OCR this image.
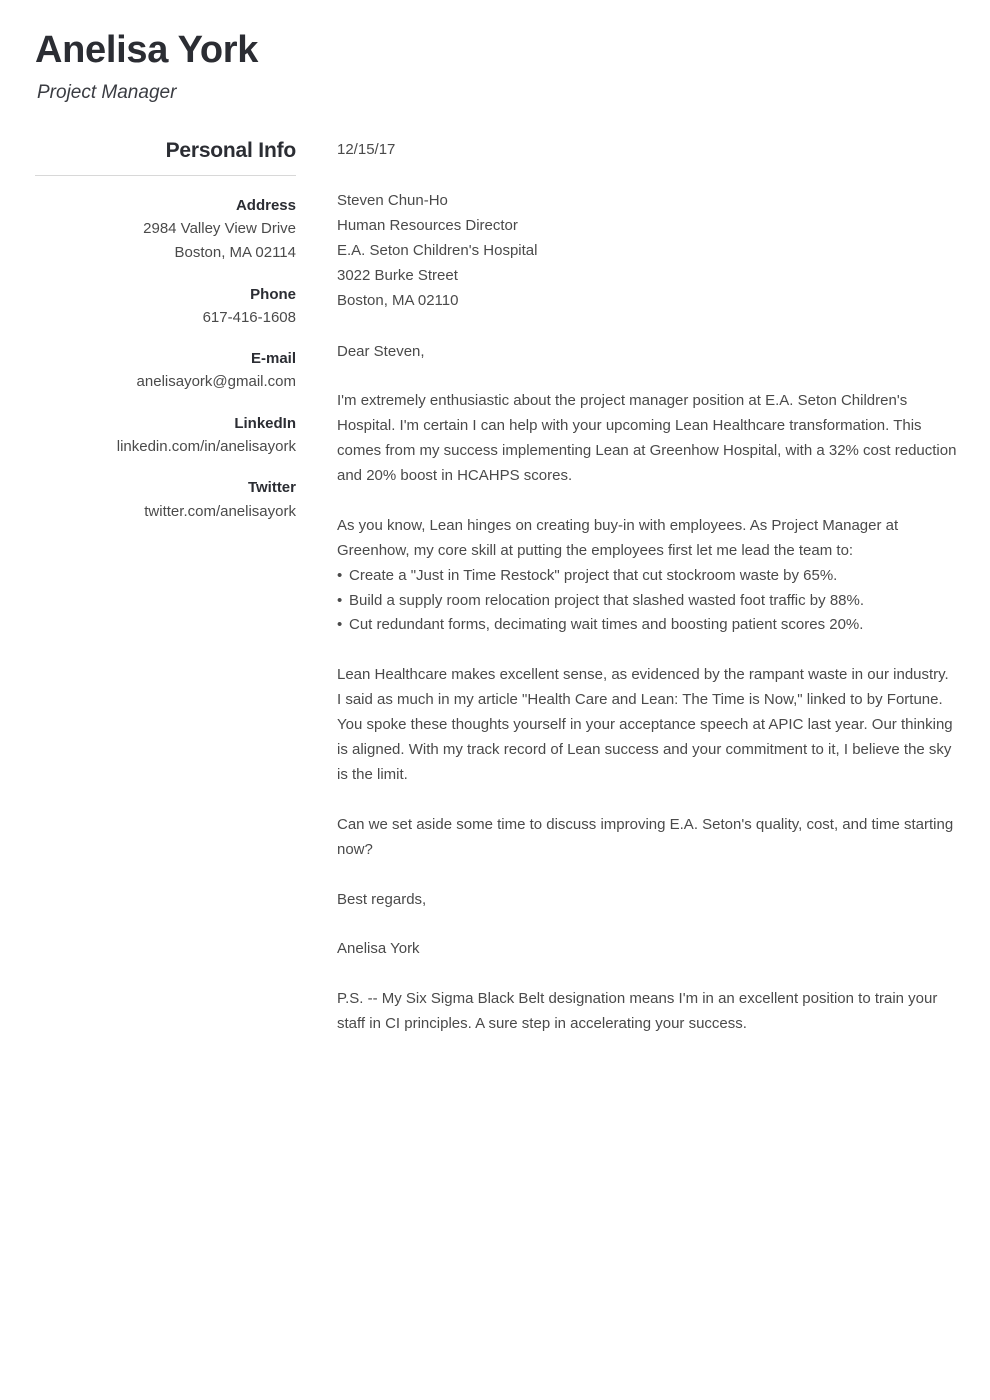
Anelisa York
Project Manager
Personal Info
Address
2984 Valley View Drive
Boston, MA 02114
Phone
617-416-1608
E-mail
anelisayork@gmail.com
LinkedIn
linkedin.com/in/anelisayork
Twitter
twitter.com/anelisayork
12/15/17
Steven Chun-Ho
Human Resources Director
E.A. Seton Children's Hospital
3022 Burke Street
Boston, MA 02110

Dear Steven,

I'm extremely enthusiastic about the project manager position at E.A. Seton Children's Hospital. I'm certain I can help with your upcoming Lean Healthcare transformation. This comes from my success implementing Lean at Greenhow Hospital, with a 32% cost reduction and 20% boost in HCAHPS scores.

As you know, Lean hinges on creating buy-in with employees. As Project Manager at Greenhow, my core skill at putting the employees first let me lead the team to:

• Create a "Just in Time Restock" project that cut stockroom waste by 65%.
• Build a supply room relocation project that slashed wasted foot traffic by 88%.
• Cut redundant forms, decimating wait times and boosting patient scores 20%.

Lean Healthcare makes excellent sense, as evidenced by the rampant waste in our industry. I said as much in my article "Health Care and Lean: The Time is Now," linked to by Fortune. You spoke these thoughts yourself in your acceptance speech at APIC last year. Our thinking is aligned. With my track record of Lean success and your commitment to it, I believe the sky is the limit.

Can we set aside some time to discuss improving E.A. Seton's quality, cost, and time starting now?

Best regards,

Anelisa York

P.S. -- My Six Sigma Black Belt designation means I'm in an excellent position to train your staff in CI principles. A sure step in accelerating your success.
